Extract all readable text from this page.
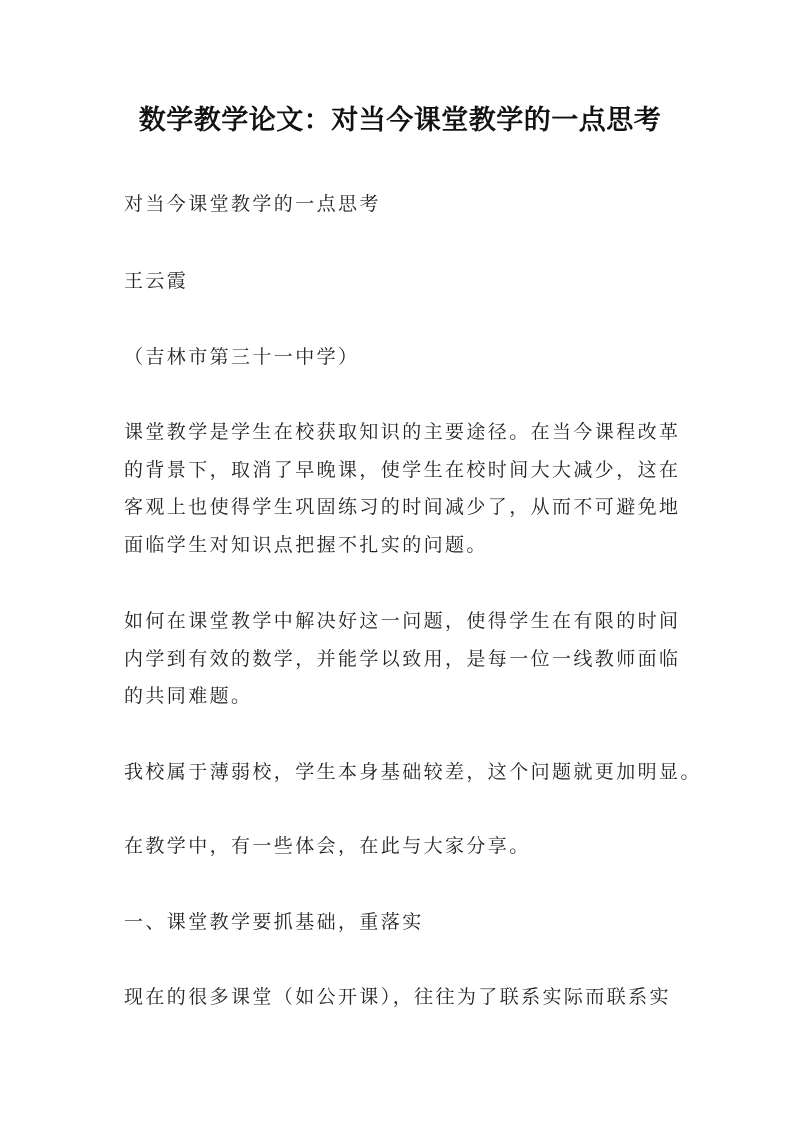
数学教学论文：对当今课堂教学的一点思考
对当今课堂教学的一点思考
王云霞
（吉林市第三十一中学）
课堂教学是学生在校获取知识的主要途径。在当今课程改革
的背景下，取消了早晚课，使学生在校时间大大减少，这在
客观上也使得学生巩固练习的时间减少了，从而不可避免地
面临学生对知识点把握不扎实的问题。
如何在课堂教学中解决好这一问题，使得学生在有限的时间
内学到有效的数学，并能学以致用，是每一位一线教师面临
的共同难题。
我校属于薄弱校，学生本身基础较差，这个问题就更加明显。
在教学中，有一些体会，在此与大家分享。
一、课堂教学要抓基础，重落实
现在的很多课堂（如公开课），往往为了联系实际而联系实
